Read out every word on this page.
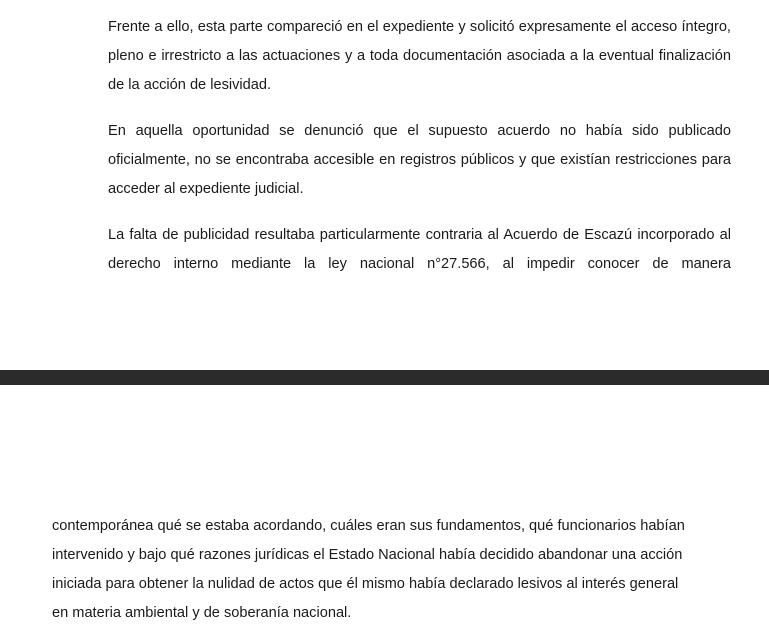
Frente a ello, esta parte compareció en el expediente y solicitó expresamente el acceso íntegro,
pleno e irrestricto a las actuaciones y a toda documentación asociada a la eventual finalización
de la acción de lesividad.

En aquella oportunidad se denunció que el supuesto acuerdo no había sido publicado
oficialmente, no se encontraba accesible en registros públicos y que existían restricciones para
acceder al expediente judicial.

La falta de publicidad resultaba particularmente contraria al Acuerdo de Escazú incorporado al
derecho interno mediante la ley nacional n°27.566, al impedir conocer de manera

contemporánea qué se estaba acordando, cuáles eran sus fundamentos, qué funcionarios habían
intervenido y bajo qué razones jurídicas el Estado Nacional había decidido abandonar una acción
iniciada para obtener la nulidad de actos que él mismo había declarado lesivos al interés general
en materia ambiental y de soberanía nacional.
